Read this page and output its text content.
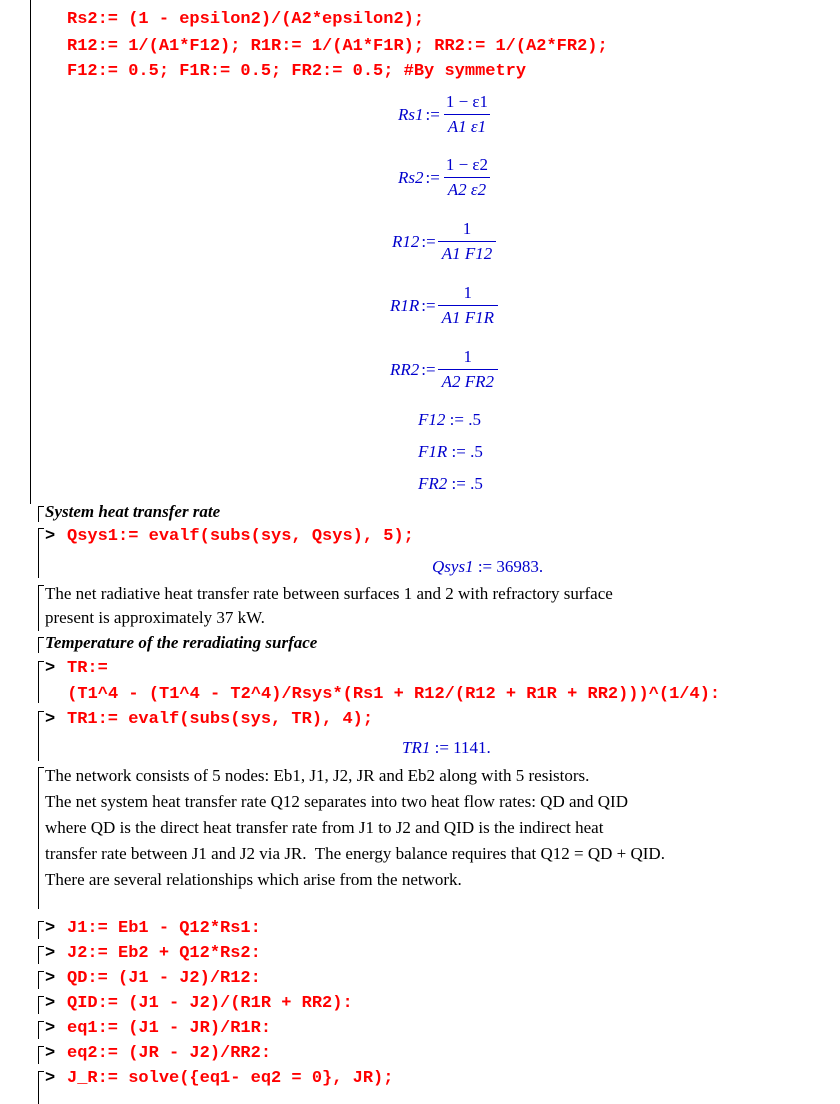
Rs2:= (1 - epsilon2)/(A2*epsilon2);
R12:= 1/(A1*F12); R1R:= 1/(A1*F1R); RR2:= 1/(A2*FR2);
F12:= 0.5; F1R:= 0.5; FR2:= 0.5; #By symmetry
Rs1 := $\frac{1 - \varepsilon 1}{A1 \varepsilon 1}$
Rs2 := $\frac{1 - \varepsilon 2}{A2 \varepsilon 2}$
R12 := $\frac{1}{A1 F12}$
R1R := $\frac{1}{A1 F1R}$
RR2 := $\frac{1}{A2 FR2}$
F12 := .5
F1R := .5
FR2 := .5
System heat transfer rate
> Qsys1:= evalf(subs(sys, Qsys), 5);
Qsys1 := 36983.
The net radiative heat transfer rate between surfaces 1 and 2 with refractory surface
present is approximately 37 kW.
Temperature of the reradiating surface
> TR:=
(T1^4 - (T1^4 - T2^4)/Rsys*(Rs1 + R12/(R12 + R1R + RR2)))^(1/4):
> TR1:= evalf(subs(sys, TR), 4);
TR1 := 1141.
The network consists of 5 nodes: Eb1, J1, J2, JR and Eb2 along with 5 resistors.
The net system heat transfer rate Q12 separates into two heat flow rates: QD and QID
where QD is the direct heat transfer rate from J1 to J2 and QID is the indirect heat
transfer rate between J1 and J2 via JR.  The energy balance requires that Q12 = QD + QID.
There are several relationships which arise from the network.
> J1:= Eb1 - Q12*Rs1:
> J2:= Eb2 + Q12*Rs2:
> QD:= (J1 - J2)/R12:
> QID:= (J1 - J2)/(R1R + RR2):
> eq1:= (J1 - JR)/R1R:
> eq2:= (JR - J2)/RR2:
> J_R:= solve({eq1- eq2 = 0}, JR);
